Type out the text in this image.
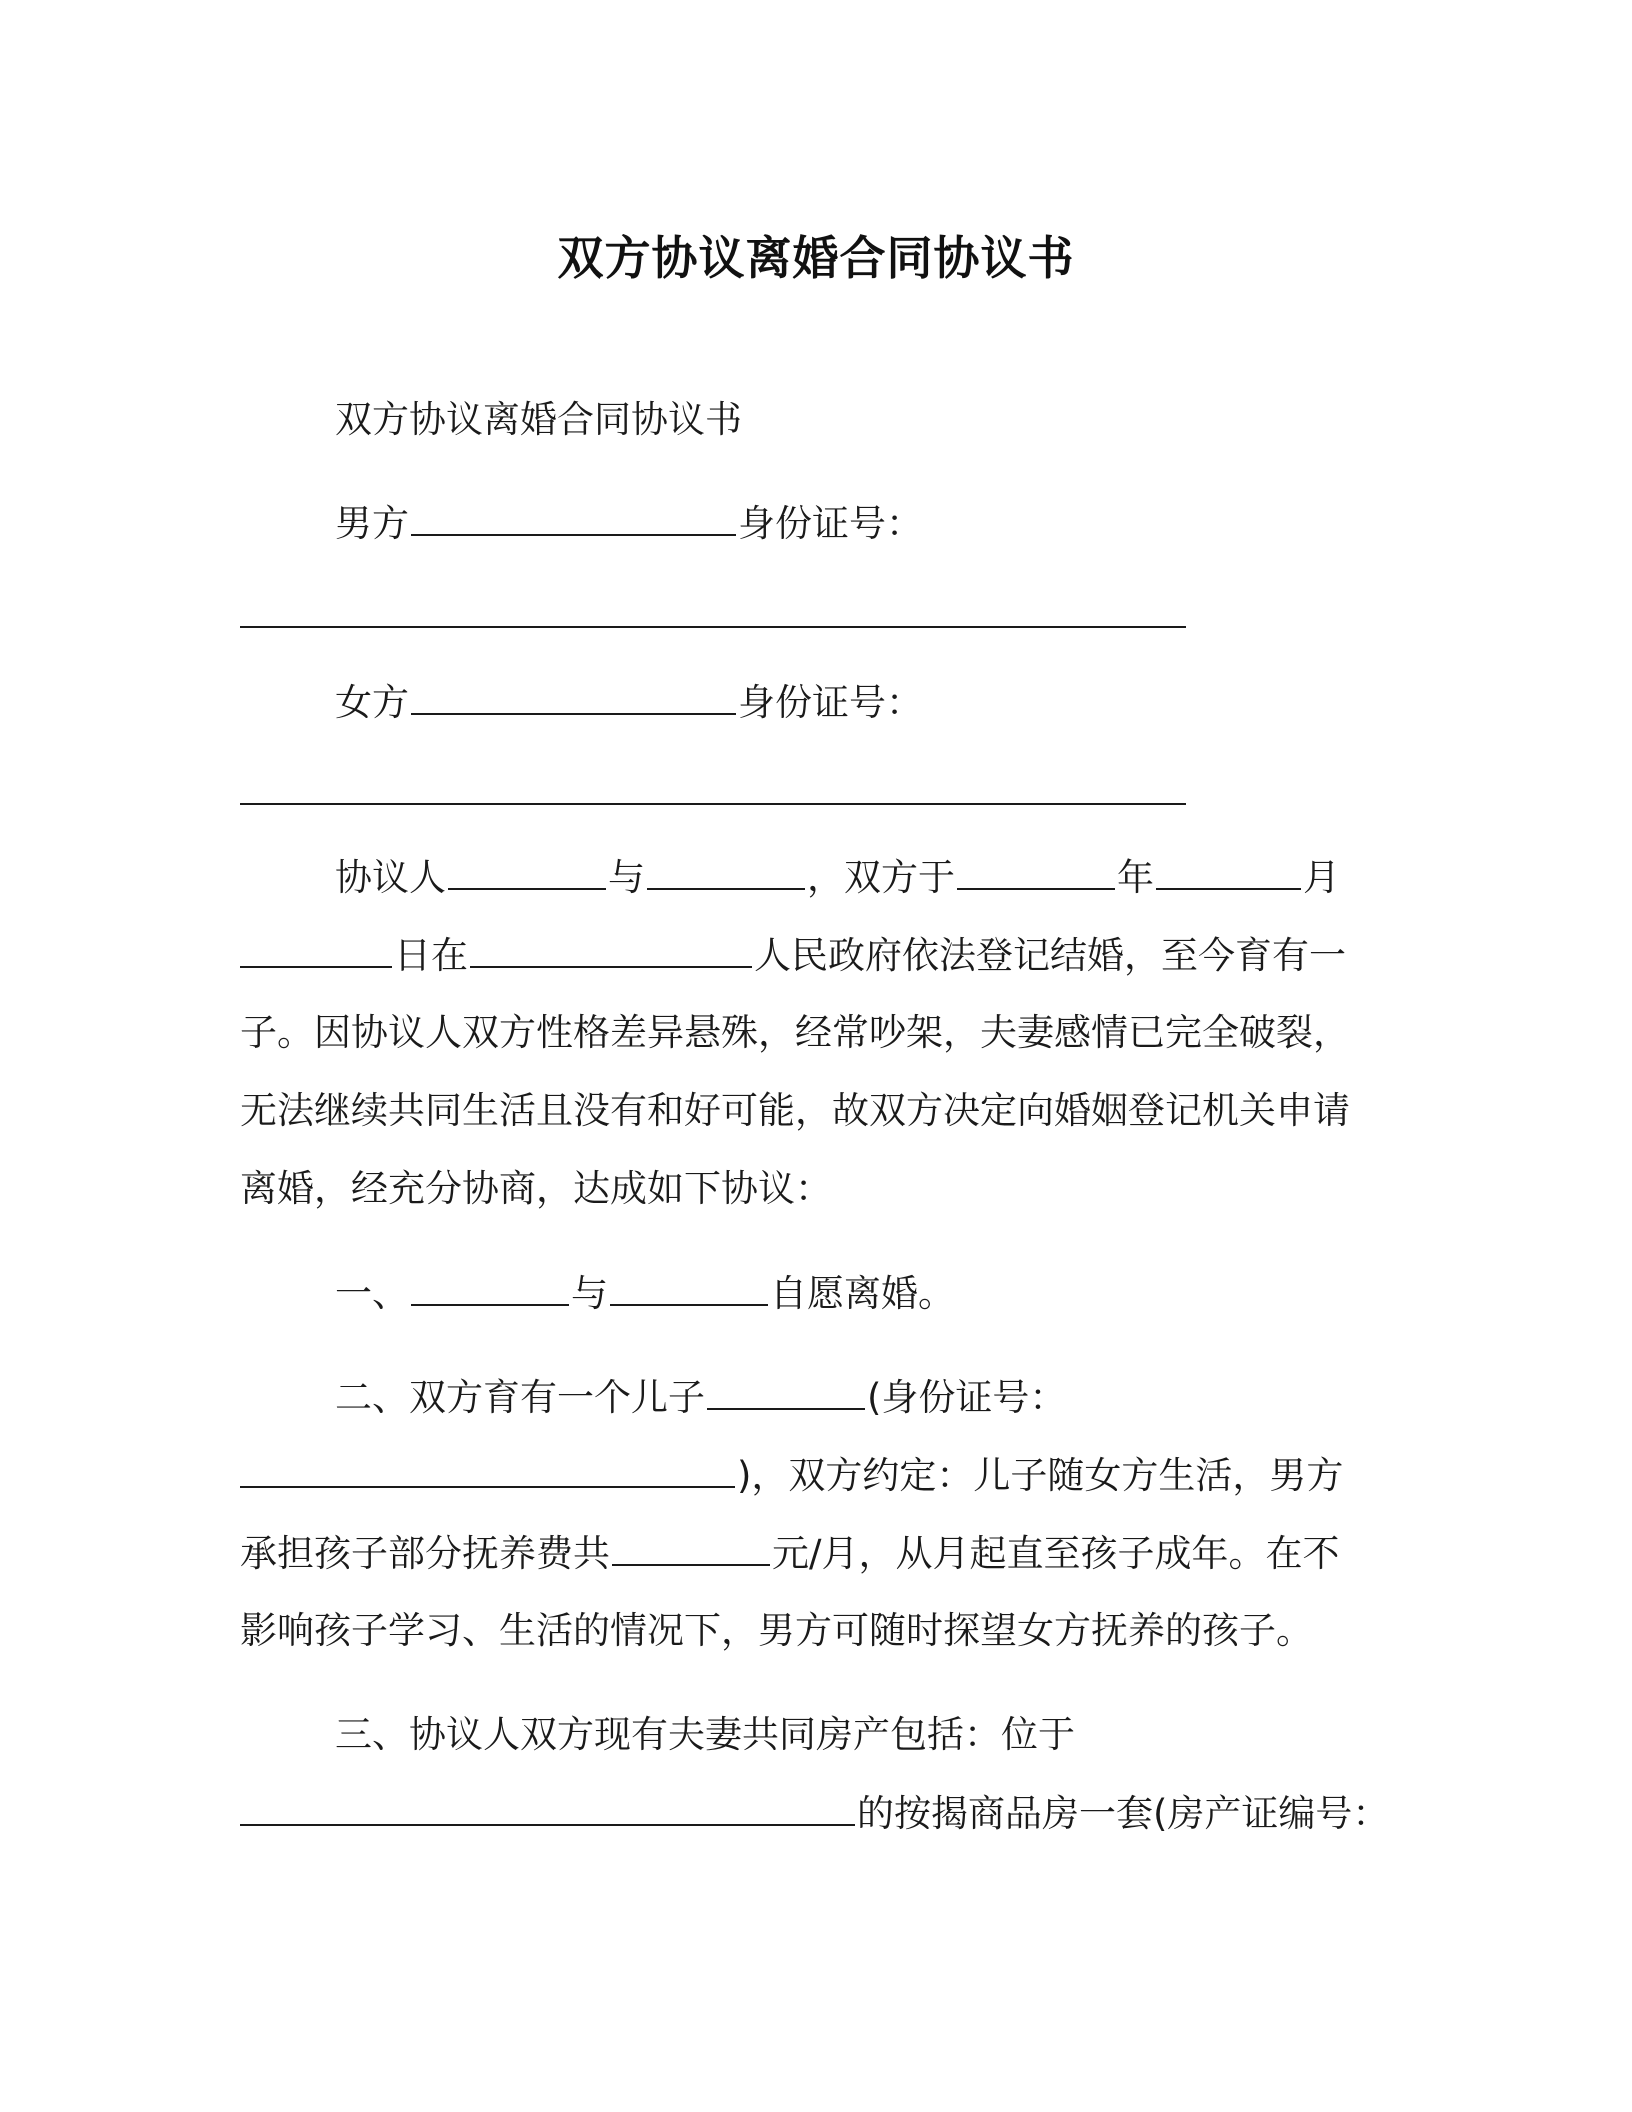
双方协议离婚合同协议书
双方协议离婚合同协议书
男方	身份证号：
女方	身份证号：
协议人	与	，双方于	年	月
日在	人民政府依法登记结婚，至今育有一
子。因协议人双方性格差异悬殊，经常吵架，夫妻感情已完全破裂，
无法继续共同生活且没有和好可能，故双方决定向婚姻登记机关申请
离婚，经充分协商，达成如下协议：
一、	与	自愿离婚。
二、双方育有一个儿子	(身份证号：
)，双方约定：儿子随女方生活，男方
承担孩子部分抚养费共	元/月，从月起直至孩子成年。在不
影响孩子学习、生活的情况下，男方可随时探望女方抚养的孩子。
三、协议人双方现有夫妻共同房产包括：位于
的按揭商品房一套(房产证编号：
